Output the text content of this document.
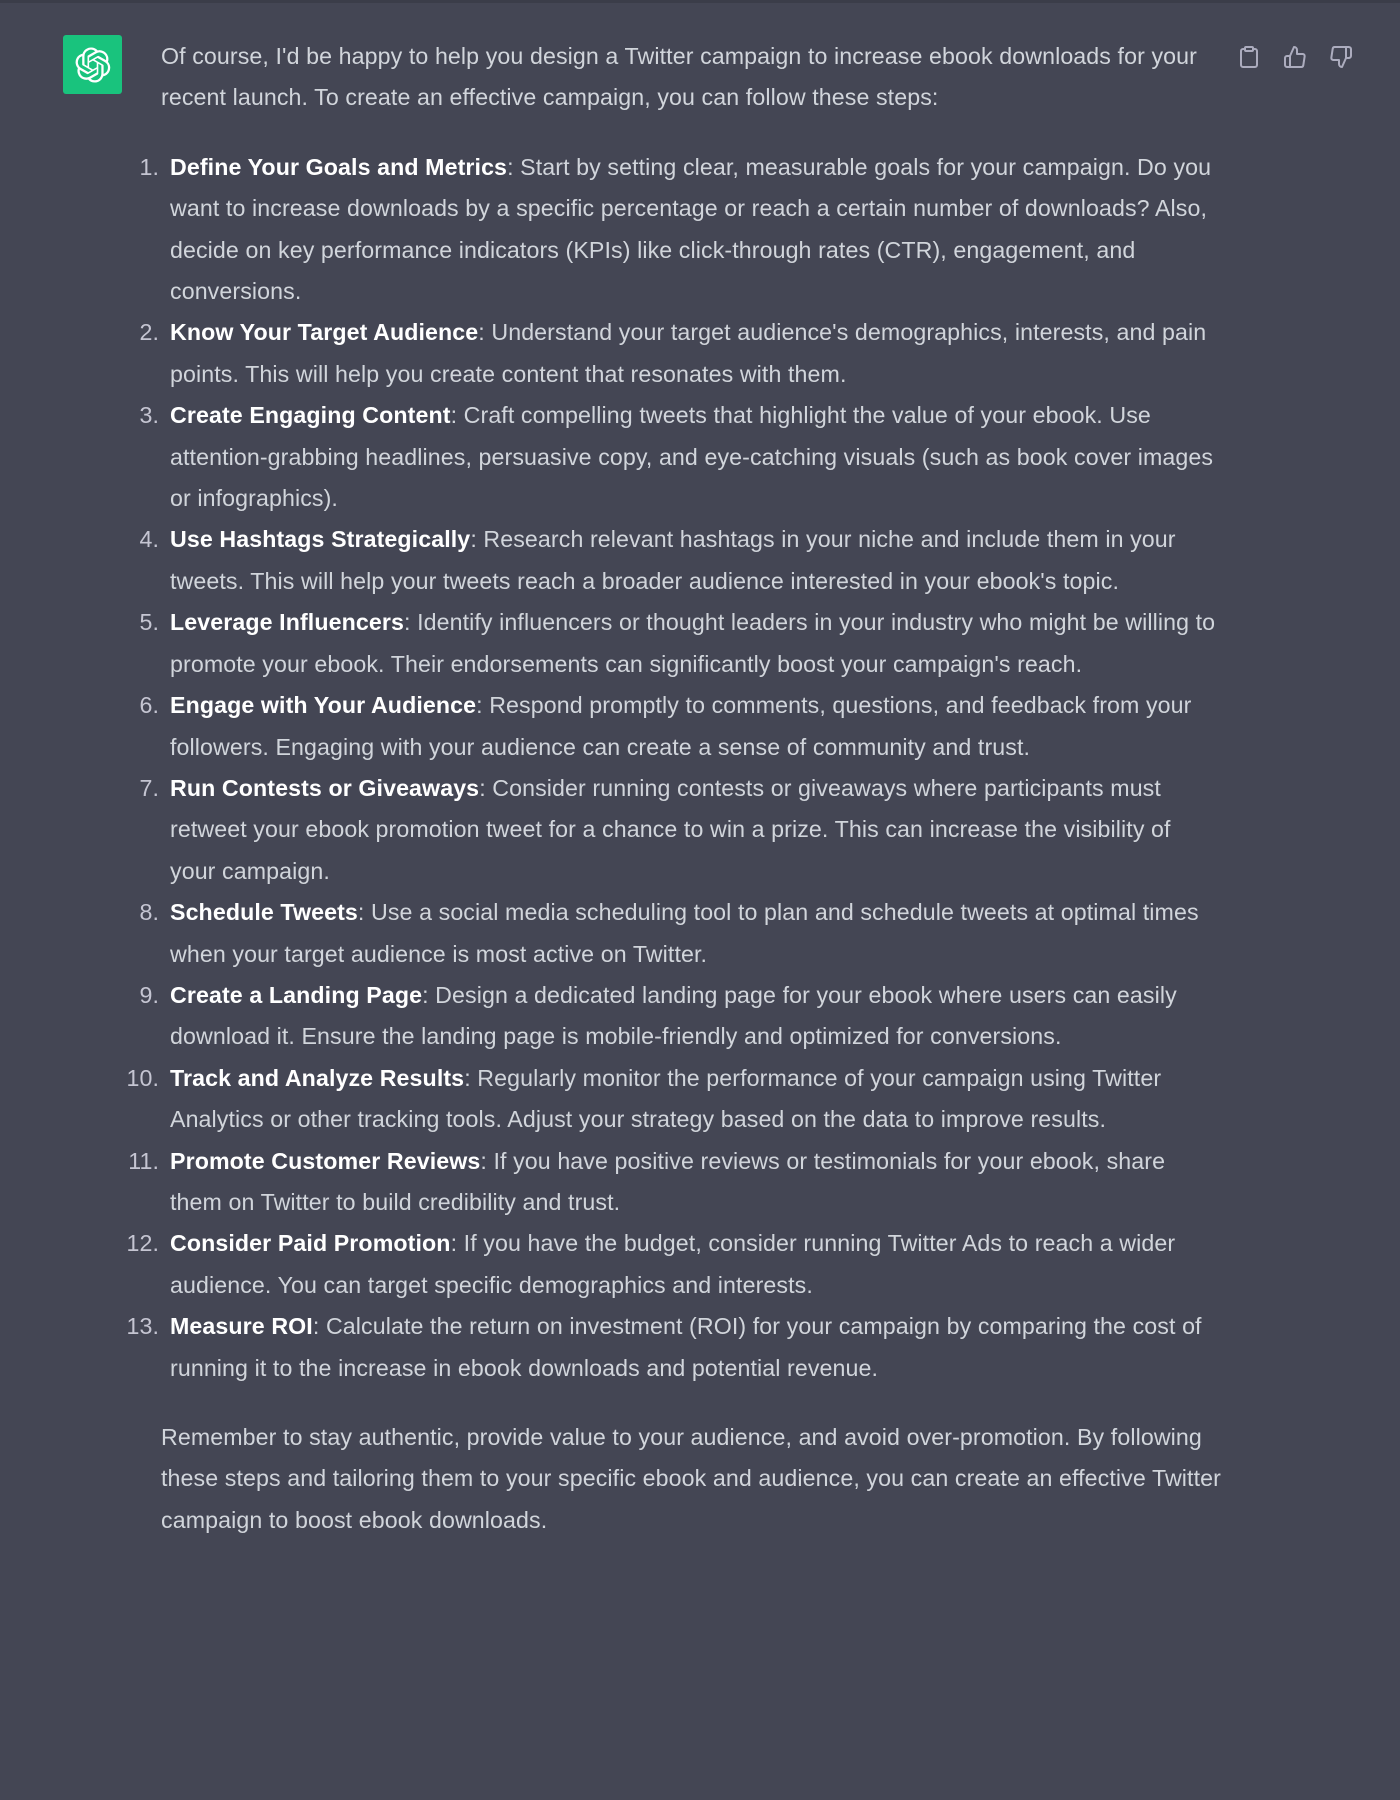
Of course, I'd be happy to help you design a Twitter campaign to increase ebook downloads for your recent launch. To create an effective campaign, you can follow these steps:

1. Define Your Goals and Metrics: Start by setting clear, measurable goals for your campaign. Do you want to increase downloads by a specific percentage or reach a certain number of downloads? Also, decide on key performance indicators (KPIs) like click-through rates (CTR), engagement, and conversions.
2. Know Your Target Audience: Understand your target audience's demographics, interests, and pain points. This will help you create content that resonates with them.
3. Create Engaging Content: Craft compelling tweets that highlight the value of your ebook. Use attention-grabbing headlines, persuasive copy, and eye-catching visuals (such as book cover images or infographics).
4. Use Hashtags Strategically: Research relevant hashtags in your niche and include them in your tweets. This will help your tweets reach a broader audience interested in your ebook's topic.
5. Leverage Influencers: Identify influencers or thought leaders in your industry who might be willing to promote your ebook. Their endorsements can significantly boost your campaign's reach.
6. Engage with Your Audience: Respond promptly to comments, questions, and feedback from your followers. Engaging with your audience can create a sense of community and trust.
7. Run Contests or Giveaways: Consider running contests or giveaways where participants must retweet your ebook promotion tweet for a chance to win a prize. This can increase the visibility of your campaign.
8. Schedule Tweets: Use a social media scheduling tool to plan and schedule tweets at optimal times when your target audience is most active on Twitter.
9. Create a Landing Page: Design a dedicated landing page for your ebook where users can easily download it. Ensure the landing page is mobile-friendly and optimized for conversions.
10. Track and Analyze Results: Regularly monitor the performance of your campaign using Twitter Analytics or other tracking tools. Adjust your strategy based on the data to improve results.
11. Promote Customer Reviews: If you have positive reviews or testimonials for your ebook, share them on Twitter to build credibility and trust.
12. Consider Paid Promotion: If you have the budget, consider running Twitter Ads to reach a wider audience. You can target specific demographics and interests.
13. Measure ROI: Calculate the return on investment (ROI) for your campaign by comparing the cost of running it to the increase in ebook downloads and potential revenue.

Remember to stay authentic, provide value to your audience, and avoid over-promotion. By following these steps and tailoring them to your specific ebook and audience, you can create an effective Twitter campaign to boost ebook downloads.
